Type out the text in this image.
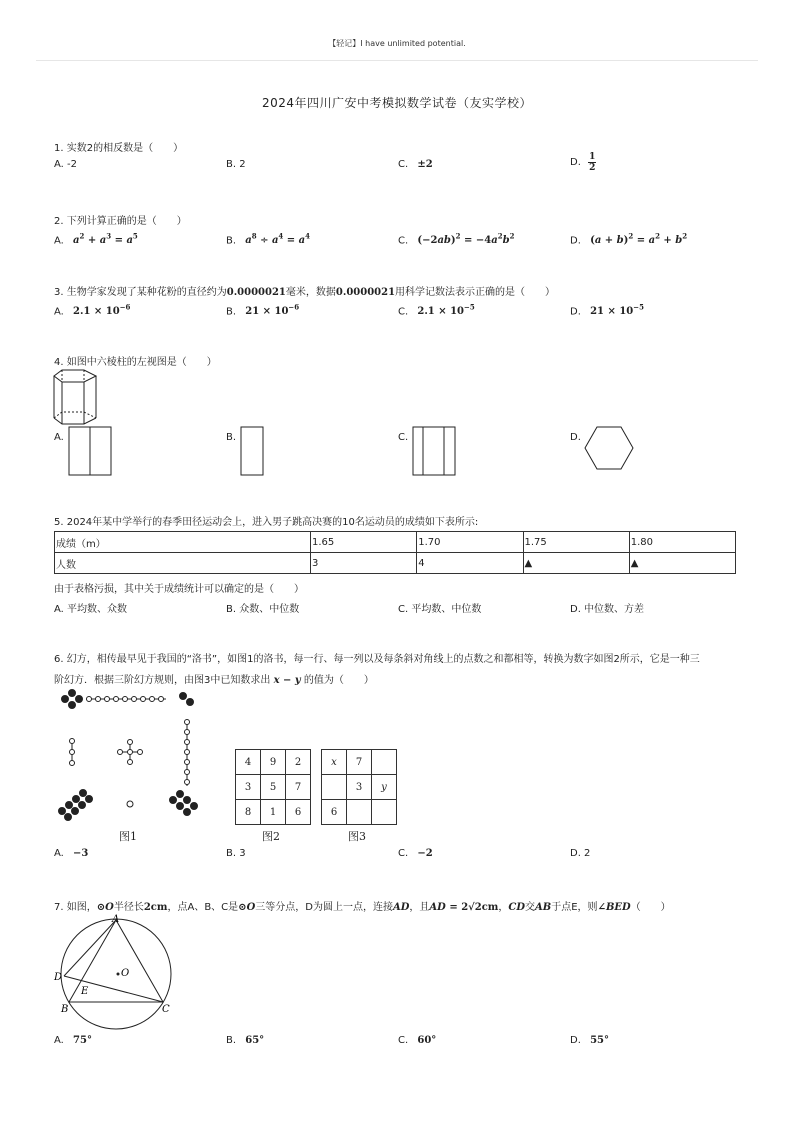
【轻记】I have unlimited potential.
2024年四川广安中考模拟数学试卷（友实学校）
1. 实数2的相反数是（　　）
A. -2	B. 2	C. ±2	D. $\frac{1}{2}$
2. 下列计算正确的是（　　）
A. $a^2 + a^3 = a^5$	B. $a^8 \div a^4 = a^4$	C. $(-2ab)^2 = -4a^2b^2$	D. $(a + b)^2 = a^2 + b^2$
3. 生物学家发现了某种花粉的直径约为0.0000021毫米，数据0.0000021用科学记数法表示正确的是（　　）
A. $2.1 \times 10^{-6}$	B. $21 \times 10^{-6}$	C. $2.1 \times 10^{-5}$	D. $21 \times 10^{-5}$
4. 如图中六棱柱的左视图是（　　）
A.	B.	C.	D.
5. 2024年某中学举行的春季田径运动会上，进入男子跳高决赛的10名运动员的成绩如下表所示:
成绩（m）	1.65	1.70	1.75	1.80
人数	3	4	▲	▲
由于表格污损，其中关于成绩统计可以确定的是（　　）
A. 平均数、众数	B. 众数、中位数	C. 平均数、中位数	D. 中位数、方差
6. 幻方，相传最早见于我国的“洛书”，如图1的洛书，每一行、每一列以及每条斜对角线上的点数之和都相等，转换为数字如图2所示，它是一种三
阶幻方．根据三阶幻方规则，由图3中已知数求出 x − y 的值为（　　）
图1
4	9	2
3	5	7
8	1	6
图2
x	7	
	3	y
6		
图3
A. −3	B. 3	C. −2	D. 2
7. 如图，⊙O半径长2cm，点A、B、C是⊙O三等分点，D为圆上一点，连接AD，且AD = 2√2cm，CD交AB于点E，则∠BED（　　）
A
D
E
O
B	C
A. 75°	B. 65°	C. 60°	D. 55°
